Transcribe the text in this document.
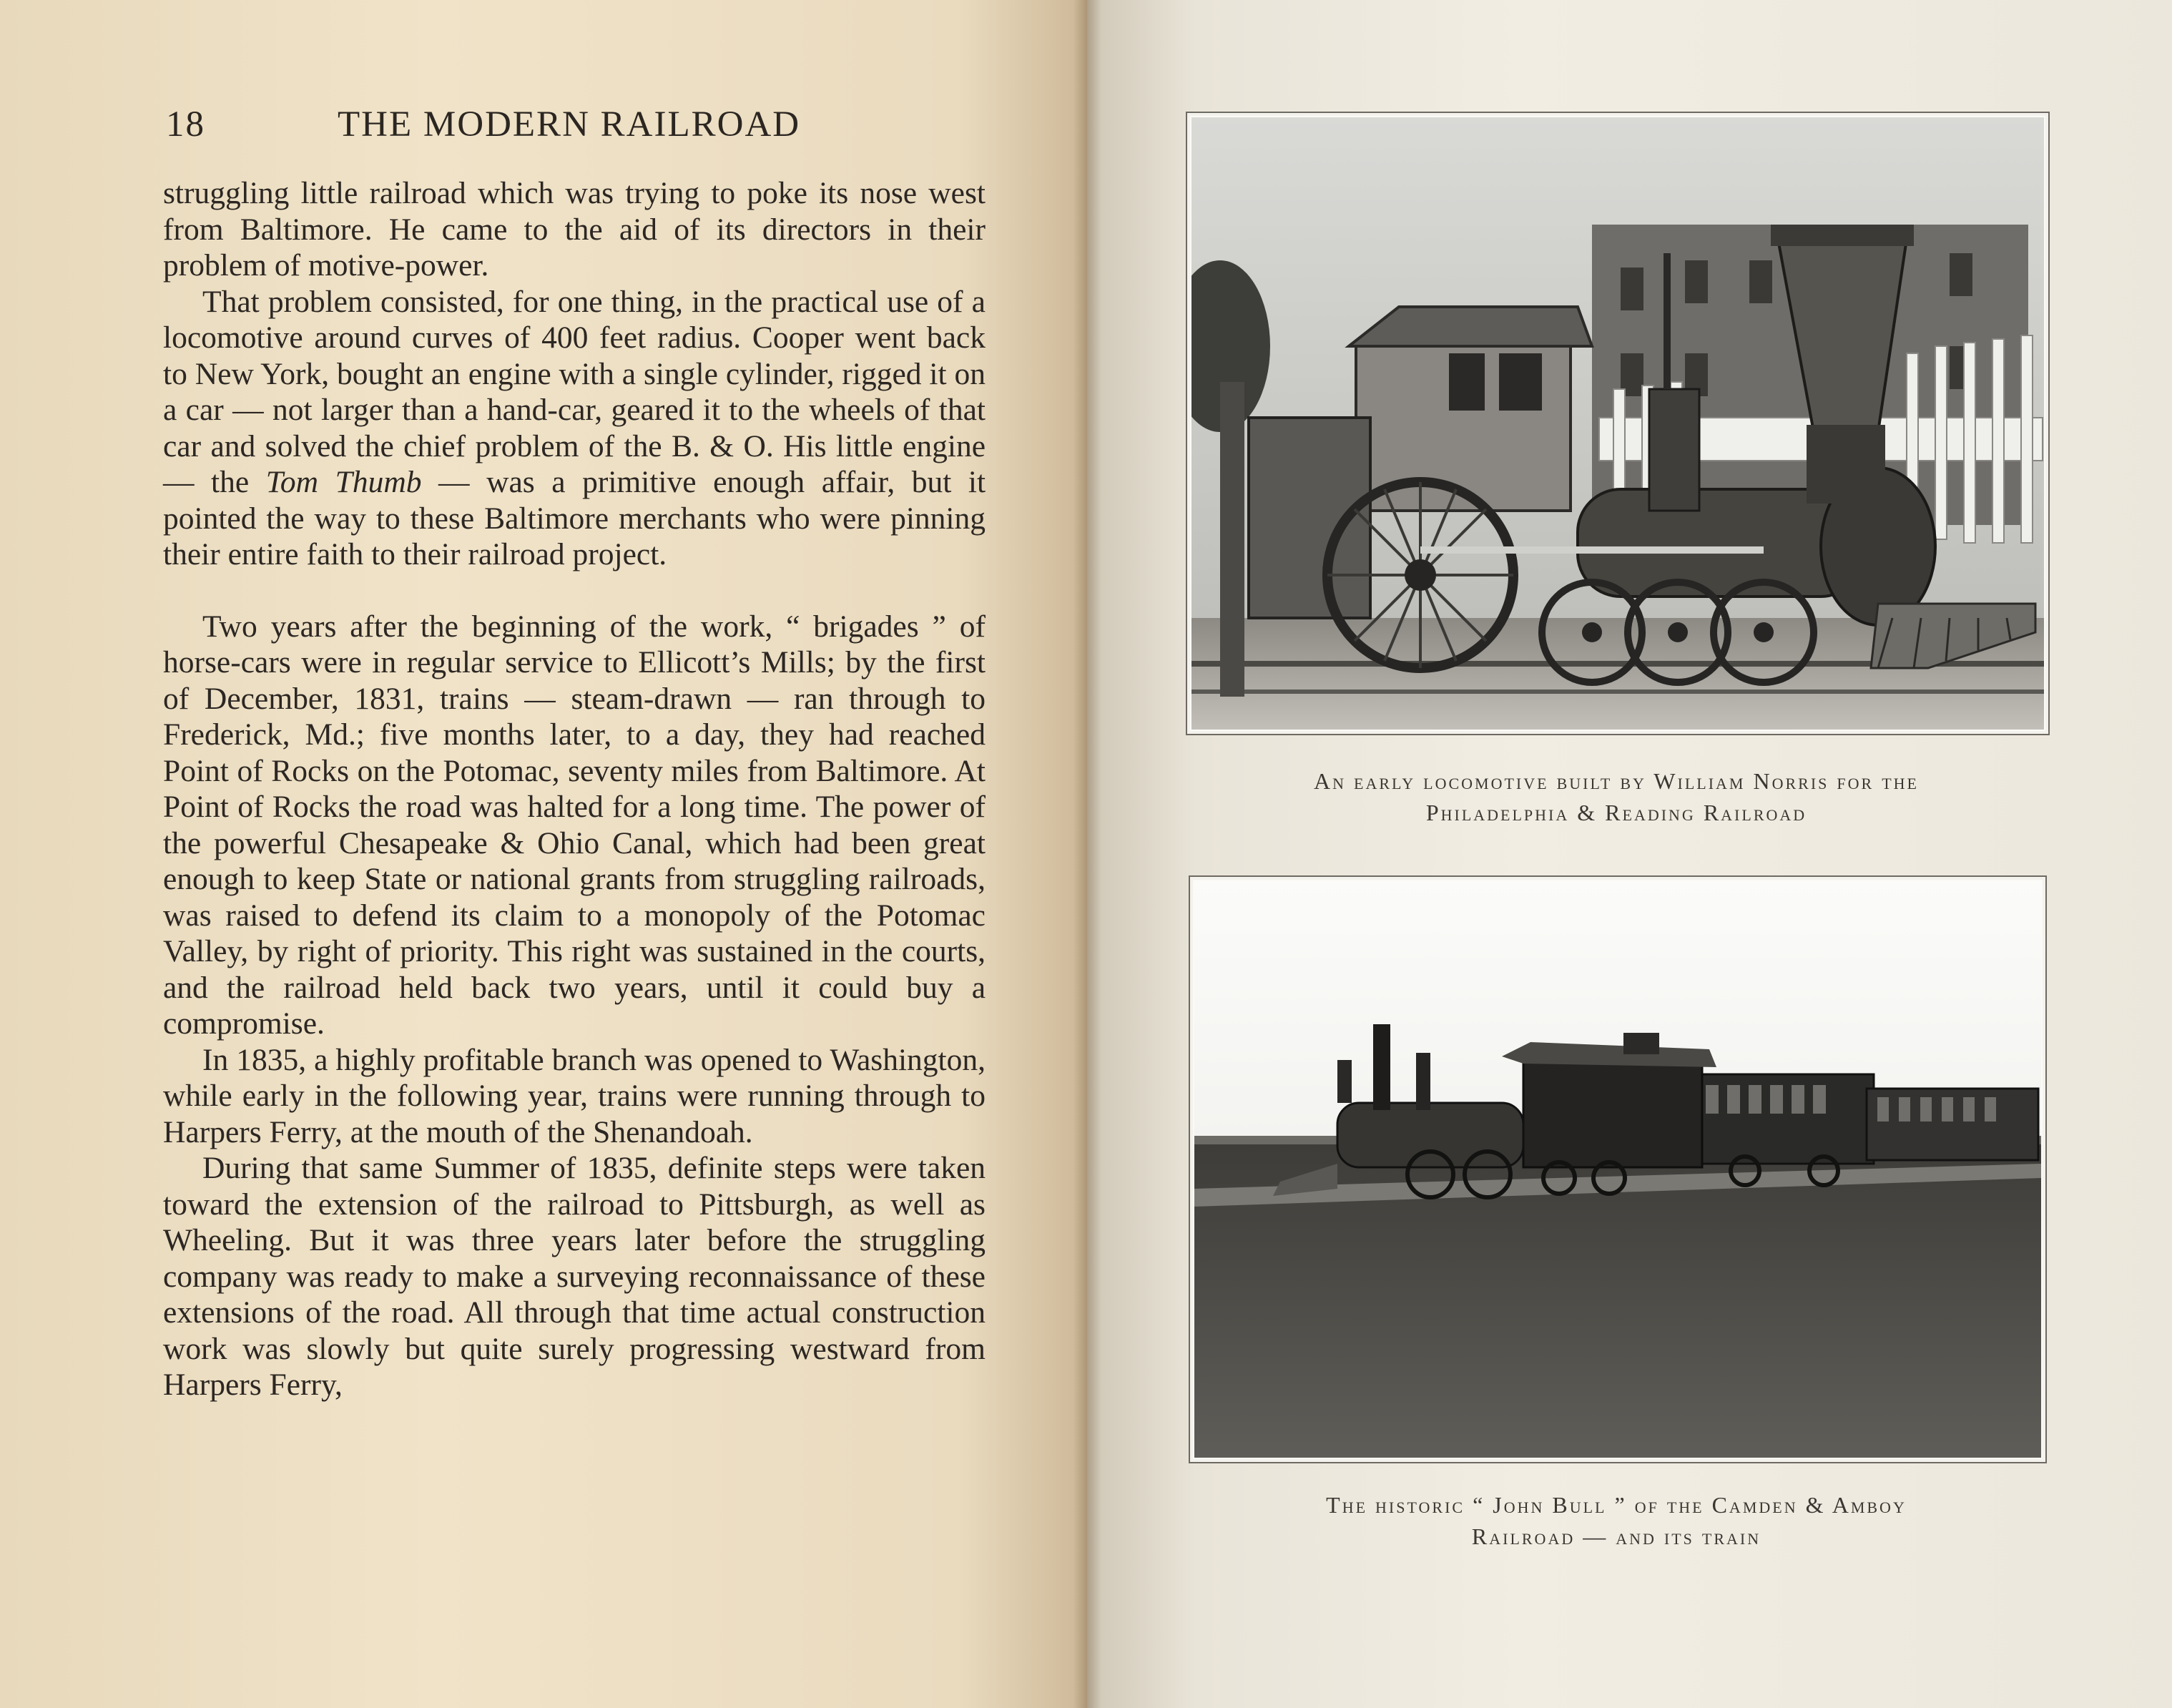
18	THE MODERN RAILROAD

struggling little railroad which was trying to poke its nose west from Baltimore. He came to the aid of its directors in their problem of motive-power.

That problem consisted, for one thing, in the practical use of a locomotive around curves of 400 feet radius. Cooper went back to New York, bought an engine with a single cylinder, rigged it on a car — not larger than a hand-car, geared it to the wheels of that car and solved the chief problem of the B. & O. His little engine — the Tom Thumb — was a primitive enough affair, but it pointed the way to these Baltimore merchants who were pinning their entire faith to their railroad project.

Two years after the beginning of the work, “ brigades ” of horse-cars were in regular service to Ellicott’s Mills; by the first of December, 1831, trains — steam-drawn — ran through to Frederick, Md.; five months later, to a day, they had reached Point of Rocks on the Potomac, seventy miles from Baltimore. At Point of Rocks the road was halted for a long time. The power of the powerful Chesapeake & Ohio Canal, which had been great enough to keep State or national grants from struggling railroads, was raised to defend its claim to a monopoly of the Potomac Valley, by right of priority. This right was sustained in the courts, and the railroad held back two years, until it could buy a compromise.

In 1835, a highly profitable branch was opened to Washington, while early in the following year, trains were running through to Harpers Ferry, at the mouth of the Shenandoah.

During that same Summer of 1835, definite steps were taken toward the extension of the railroad to Pittsburgh, as well as Wheeling. But it was three years later before the struggling company was ready to make a surveying reconnaissance of these extensions of the road. All through that time actual construction work was slowly but quite surely progressing westward from Harpers Ferry,

An early locomotive built by William Norris for the
Philadelphia & Reading Railroad
The historic “ John Bull ” of the Camden & Amboy
Railroad — and its train
